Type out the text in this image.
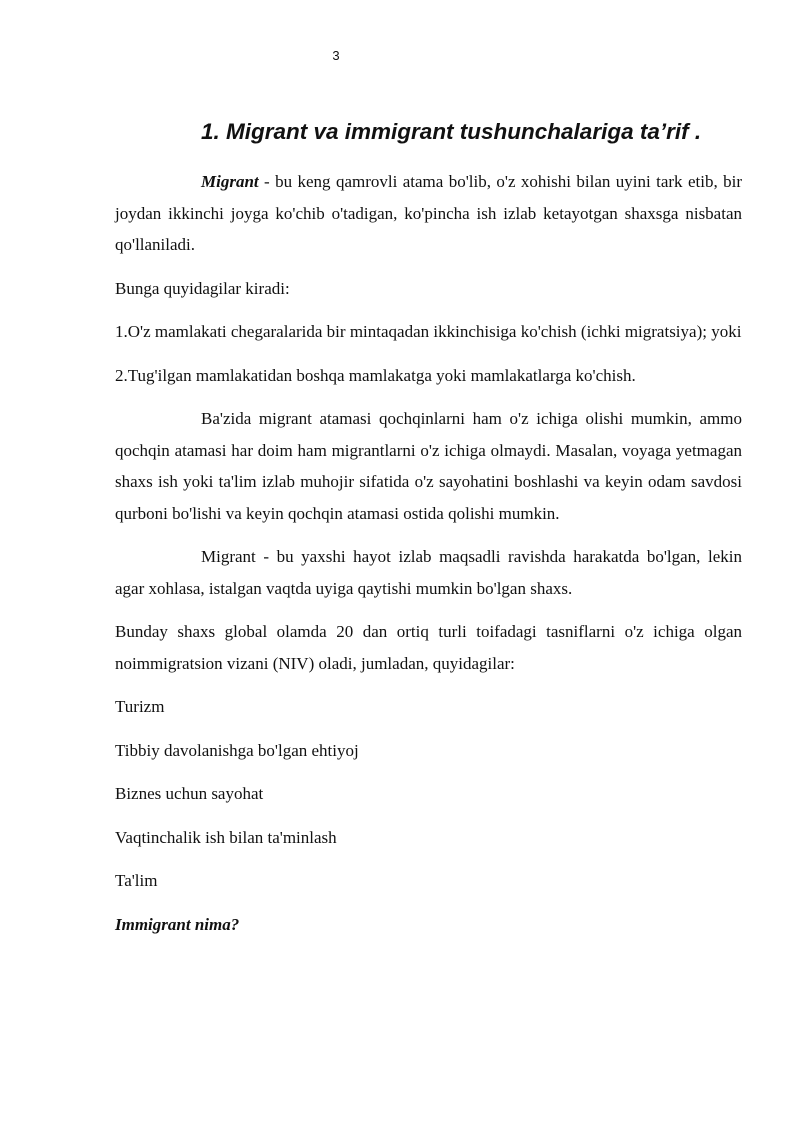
3
1. Migrant va immigrant tushunchalariga ta’rif .

Migrant - bu keng qamrovli atama bo'lib, o'z xohishi bilan uyini tark etib, bir joydan ikkinchi joyga ko'chib o'tadigan, ko'pincha ish izlab ketayotgan shaxsga nisbatan qo'llaniladi.

Bunga quyidagilar kiradi:

1.O'z mamlakati chegaralarida bir mintaqadan ikkinchisiga ko'chish (ichki migratsiya); yoki

2.Tug'ilgan mamlakatidan boshqa mamlakatga yoki mamlakatlarga ko'chish.

Ba'zida migrant atamasi qochqinlarni ham o'z ichiga olishi mumkin, ammo qochqin atamasi har doim ham migrantlarni o'z ichiga olmaydi. Masalan, voyaga yetmagan shaxs ish yoki ta'lim izlab muhojir sifatida o'z sayohatini boshlashi va keyin odam savdosi qurboni bo'lishi va keyin qochqin atamasi ostida qolishi mumkin.

Migrant - bu yaxshi hayot izlab maqsadli ravishda harakatda bo'lgan, lekin agar xohlasa, istalgan vaqtda uyiga qaytishi mumkin bo'lgan shaxs.

Bunday shaxs global olamda 20 dan ortiq turli toifadagi tasniflarni o'z ichiga olgan noimmigratsion vizani (NIV) oladi, jumladan, quyidagilar:

Turizm

Tibbiy davolanishga bo'lgan ehtiyoj

Biznes uchun sayohat

Vaqtinchalik ish bilan ta'minlash

Ta'lim

Immigrant nima?
